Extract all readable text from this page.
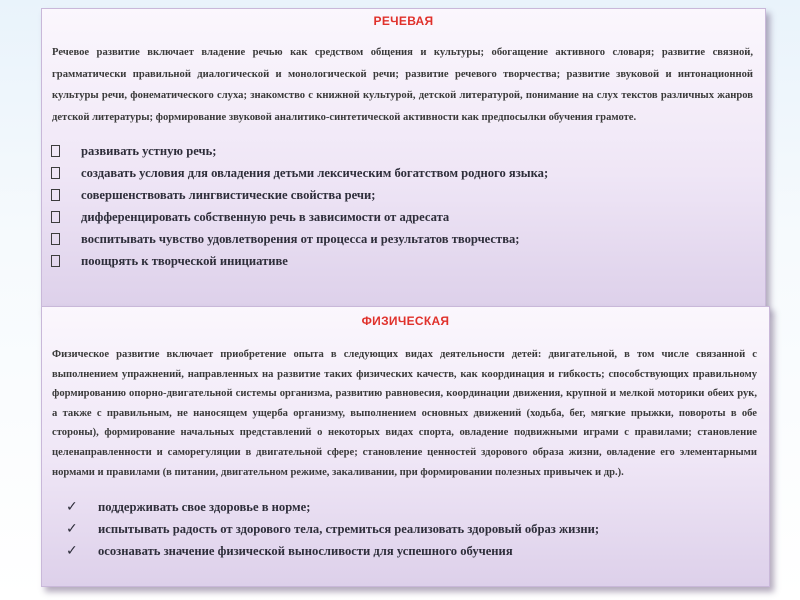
РЕЧЕВАЯ
Речевое развитие включает владение речью как средством общения и культуры; обогащение активного словаря; развитие связной, грамматически правильной диалогической и монологической речи; развитие речевого творчества; развитие звуковой и интонационной культуры речи, фонематического слуха; знакомство с книжной культурой, детской литературой, понимание на слух текстов различных жанров детской литературы; формирование звуковой аналитико-синтетической активности как предпосылки обучения грамоте.
развивать устную речь;
создавать условия для овладения детьми лексическим богатством родного языка;
совершенствовать лингвистические свойства речи;
дифференцировать собственную речь в зависимости от адресата
воспитывать чувство удовлетворения от процесса и результатов творчества;
поощрять к творческой инициативе
ФИЗИЧЕСКАЯ
Физическое развитие включает приобретение опыта в следующих видах деятельности детей: двигательной, в том числе связанной с выполнением упражнений, направленных на развитие таких физических качеств, как координация и гибкость; способствующих правильному формированию опорно-двигательной системы организма, развитию равновесия, координации движения, крупной и мелкой моторики обеих рук, а также с правильным, не наносящем ущерба организму, выполнением основных движений (ходьба, бег, мягкие прыжки, повороты в обе стороны), формирование начальных представлений о некоторых видах спорта, овладение подвижными играми с правилами; становление целенаправленности и саморегуляции в двигательной сфере; становление ценностей здорового образа жизни, овладение его элементарными нормами и правилами (в питании, двигательном режиме, закаливании, при формировании полезных привычек и др.).
✓	поддерживать свое здоровье в норме;
✓	испытывать радость от здорового тела, стремиться реализовать здоровый образ жизни;
✓	осознавать значение физической выносливости для успешного обучения
